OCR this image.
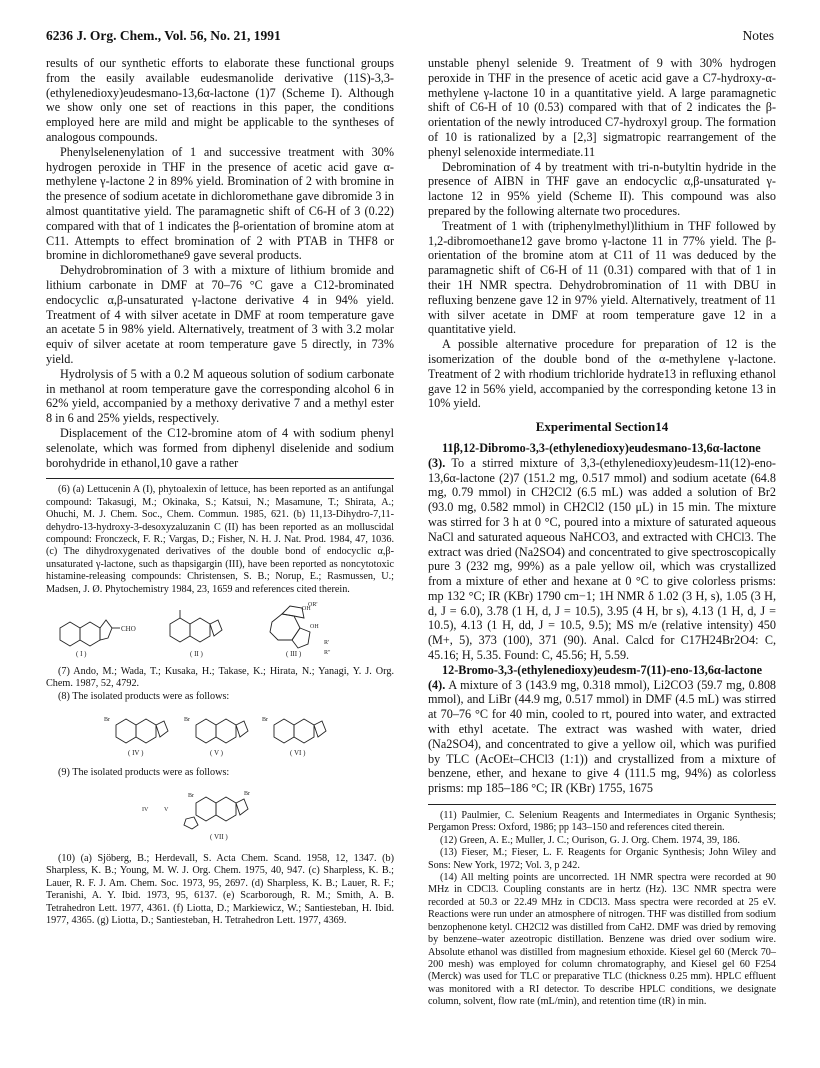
6236 J. Org. Chem., Vol. 56, No. 21, 1991	Notes

results of our synthetic efforts to elaborate these functional groups from the easily available eudesmanolide derivative (11S)-3,3-(ethylenedioxy)eudesmano-13,6α-lactone (1)7 (Scheme I). Although we show only one set of reactions in this paper, the conditions employed here are mild and might be applicable to the syntheses of analogous compounds.

Phenylselenenylation of 1 and successive treatment with 30% hydrogen peroxide in THF in the presence of acetic acid gave α-methylene γ-lactone 2 in 89% yield. Bromination of 2 with bromine in the presence of sodium acetate in dichloromethane gave dibromide 3 in almost quantitative yield. The paramagnetic shift of C6-H of 3 (0.22) compared with that of 1 indicates the β-orientation of bromine atom at C11. Attempts to effect bromination of 2 with PTAB in THF8 or bromine in dichloromethane9 gave several products.

Dehydrobromination of 3 with a mixture of lithium bromide and lithium carbonate in DMF at 70–76 °C gave a C12-brominated endocyclic α,β-unsaturated γ-lactone derivative 4 in 94% yield. Treatment of 4 with silver acetate in DMF at room temperature gave an acetate 5 in 98% yield. Alternatively, treatment of 3 with 3.2 molar equiv of silver acetate at room temperature gave 5 directly, in 73% yield.

Hydrolysis of 5 with a 0.2 M aqueous solution of sodium carbonate in methanol at room temperature gave the corresponding alcohol 6 in 62% yield, accompanied by a methoxy derivative 7 and a methyl ester 8 in 6 and 25% yields, respectively.

Displacement of the C12-bromine atom of 4 with sodium phenyl selenolate, which was formed from diphenyl diselenide and sodium borohydride in ethanol,10 gave a rather

(6) (a) Lettucenin A (I), phytoalexin of lettuce, has been reported as an antifungal compound: Takasugi, M.; Okinaka, S.; Katsui, N.; Masamune, T.; Shirata, A.; Ohuchi, M. J. Chem. Soc., Chem. Commun. 1985, 621. (b) 11,13-Dihydro-7,11-dehydro-13-hydroxy-3-desoxyzaluzanin C (II) has been reported as an molluscidal compound: Fronczeck, F. R.; Vargas, D.; Fisher, N. H. J. Nat. Prod. 1984, 47, 1036. (c) The dihydroxygenated derivatives of the double bond of endocyclic α,β-unsaturated γ-lactone, such as thapsigargin (III), have been reported as noncytotoxic histamine-releasing compounds: Christensen, S. B.; Norup, E.; Rasmussen, U.; Madsen, J. Ø. Phytochemistry 1984, 23, 1659 and references cited therein.

CHO
( I )	( II )
OH
OH
OR'
( III )
R'
R"

(7) Ando, M.; Wada, T.; Kusaka, H.; Takase, K.; Hirata, N.; Yanagi, Y. J. Org. Chem. 1987, 52, 4792.

(8) The isolated products were as follows:

Br	Br	Br
( IV )	( V )	( VI )

(9) The isolated products were as follows:

IV	V
Br	Br
( VII )

(10) (a) Sjöberg, B.; Herdevall, S. Acta Chem. Scand. 1958, 12, 1347. (b) Sharpless, K. B.; Young, M. W. J. Org. Chem. 1975, 40, 947. (c) Sharpless, K. B.; Lauer, R. F. J. Am. Chem. Soc. 1973, 95, 2697. (d) Sharpless, K. B.; Lauer, R. F.; Teranishi, A. Y. Ibid. 1973, 95, 6137. (e) Scarborough, R. M.; Smith, A. B. Tetrahedron Lett. 1977, 4361. (f) Liotta, D.; Markiewicz, W.; Santiesteban, H. Ibid. 1977, 4365. (g) Liotta, D.; Santiesteban, H. Tetrahedron Lett. 1977, 4369.

unstable phenyl selenide 9. Treatment of 9 with 30% hydrogen peroxide in THF in the presence of acetic acid gave a C7-hydroxy-α-methylene γ-lactone 10 in a quantitative yield. A large paramagnetic shift of C6-H of 10 (0.53) compared with that of 2 indicates the β-orientation of the newly introduced C7-hydroxyl group. The formation of 10 is rationalized by a [2,3] sigmatropic rearrangement of the phenyl selenoxide intermediate.11

Debromination of 4 by treatment with tri-n-butyltin hydride in the presence of AIBN in THF gave an endocyclic α,β-unsaturated γ-lactone 12 in 95% yield (Scheme II). This compound was also prepared by the following alternate two procedures.

Treatment of 1 with (triphenylmethyl)lithium in THF followed by 1,2-dibromoethane12 gave bromo γ-lactone 11 in 77% yield. The β-orientation of the bromine atom at C11 of 11 was deduced by the paramagnetic shift of C6-H of 11 (0.31) compared with that of 1 in their 1H NMR spectra. Dehydrobromination of 11 with DBU in refluxing benzene gave 12 in 97% yield. Alternatively, treatment of 11 with silver acetate in DMF at room temperature gave 12 in a quantitative yield.

A possible alternative procedure for preparation of 12 is the isomerization of the double bond of the α-methylene γ-lactone. Treatment of 2 with rhodium trichloride hydrate13 in refluxing ethanol gave 12 in 56% yield, accompanied by the corresponding ketone 13 in 10% yield.

Experimental Section14

11β,12-Dibromo-3,3-(ethylenedioxy)eudesmano-13,6α-lactone (3). To a stirred mixture of 3,3-(ethylenedioxy)eudesm-11(12)-eno-13,6α-lactone (2)7 (151.2 mg, 0.517 mmol) and sodium acetate (64.8 mg, 0.79 mmol) in CH2Cl2 (6.5 mL) was added a solution of Br2 (93.0 mg, 0.582 mmol) in CH2Cl2 (150 μL) in 15 min. The mixture was stirred for 3 h at 0 °C, poured into a mixture of saturated aqueous NaCl and saturated aqueous NaHCO3, and extracted with CHCl3. The extract was dried (Na2SO4) and concentrated to give spectroscopically pure 3 (232 mg, 99%) as a pale yellow oil, which was crystallized from a mixture of ether and hexane at 0 °C to give colorless prisms: mp 132 °C; IR (KBr) 1790 cm−1; 1H NMR δ 1.02 (3 H, s), 1.05 (3 H, d, J = 6.0), 3.78 (1 H, d, J = 10.5), 3.95 (4 H, br s), 4.13 (1 H, d, J = 10.5), 4.13 (1 H, dd, J = 10.5, 9.5); MS m/e (relative intensity) 450 (M+, 5), 373 (100), 371 (90). Anal. Calcd for C17H24Br2O4: C, 45.16; H, 5.35. Found: C, 45.56; H, 5.59.

12-Bromo-3,3-(ethylenedioxy)eudesm-7(11)-eno-13,6α-lactone (4). A mixture of 3 (143.9 mg, 0.318 mmol), Li2CO3 (59.7 mg, 0.808 mmol), and LiBr (44.9 mg, 0.517 mmol) in DMF (4.5 mL) was stirred at 70–76 °C for 40 min, cooled to rt, poured into water, and extracted with ethyl acetate. The extract was washed with water, dried (Na2SO4), and concentrated to give a yellow oil, which was purified by TLC (AcOEt–CHCl3 (1:1)) and crystallized from a mixture of benzene, ether, and hexane to give 4 (111.5 mg, 94%) as colorless prisms: mp 185–186 °C; IR (KBr) 1755, 1675

(11) Paulmier, C. Selenium Reagents and Intermediates in Organic Synthesis; Pergamon Press: Oxford, 1986; pp 143–150 and references cited therein.

(12) Green, A. E.; Muller, J. C.; Ourison, G. J. Org. Chem. 1974, 39, 186.

(13) Fieser, M.; Fieser, L. F. Reagents for Organic Synthesis; John Wiley and Sons: New York, 1972; Vol. 3, p 242.

(14) All melting points are uncorrected. 1H NMR spectra were recorded at 90 MHz in CDCl3. Coupling constants are in hertz (Hz). 13C NMR spectra were recorded at 50.3 or 22.49 MHz in CDCl3. Mass spectra were recorded at 25 eV. Reactions were run under an atmosphere of nitrogen. THF was distilled from sodium benzophenone ketyl. CH2Cl2 was distilled from CaH2. DMF was dried by removing by benzene–water azeotropic distillation. Benzene was dried over sodium wire. Absolute ethanol was distilled from magnesium ethoxide. Kiesel gel 60 (Merck 70–200 mesh) was employed for column chromatography, and Kiesel gel 60 F254 (Merck) was used for TLC or preparative TLC (thickness 0.25 mm). HPLC effluent was monitored with a RI detector. To describe HPLC conditions, we designate column, solvent, flow rate (mL/min), and retention time (tR) in min.
